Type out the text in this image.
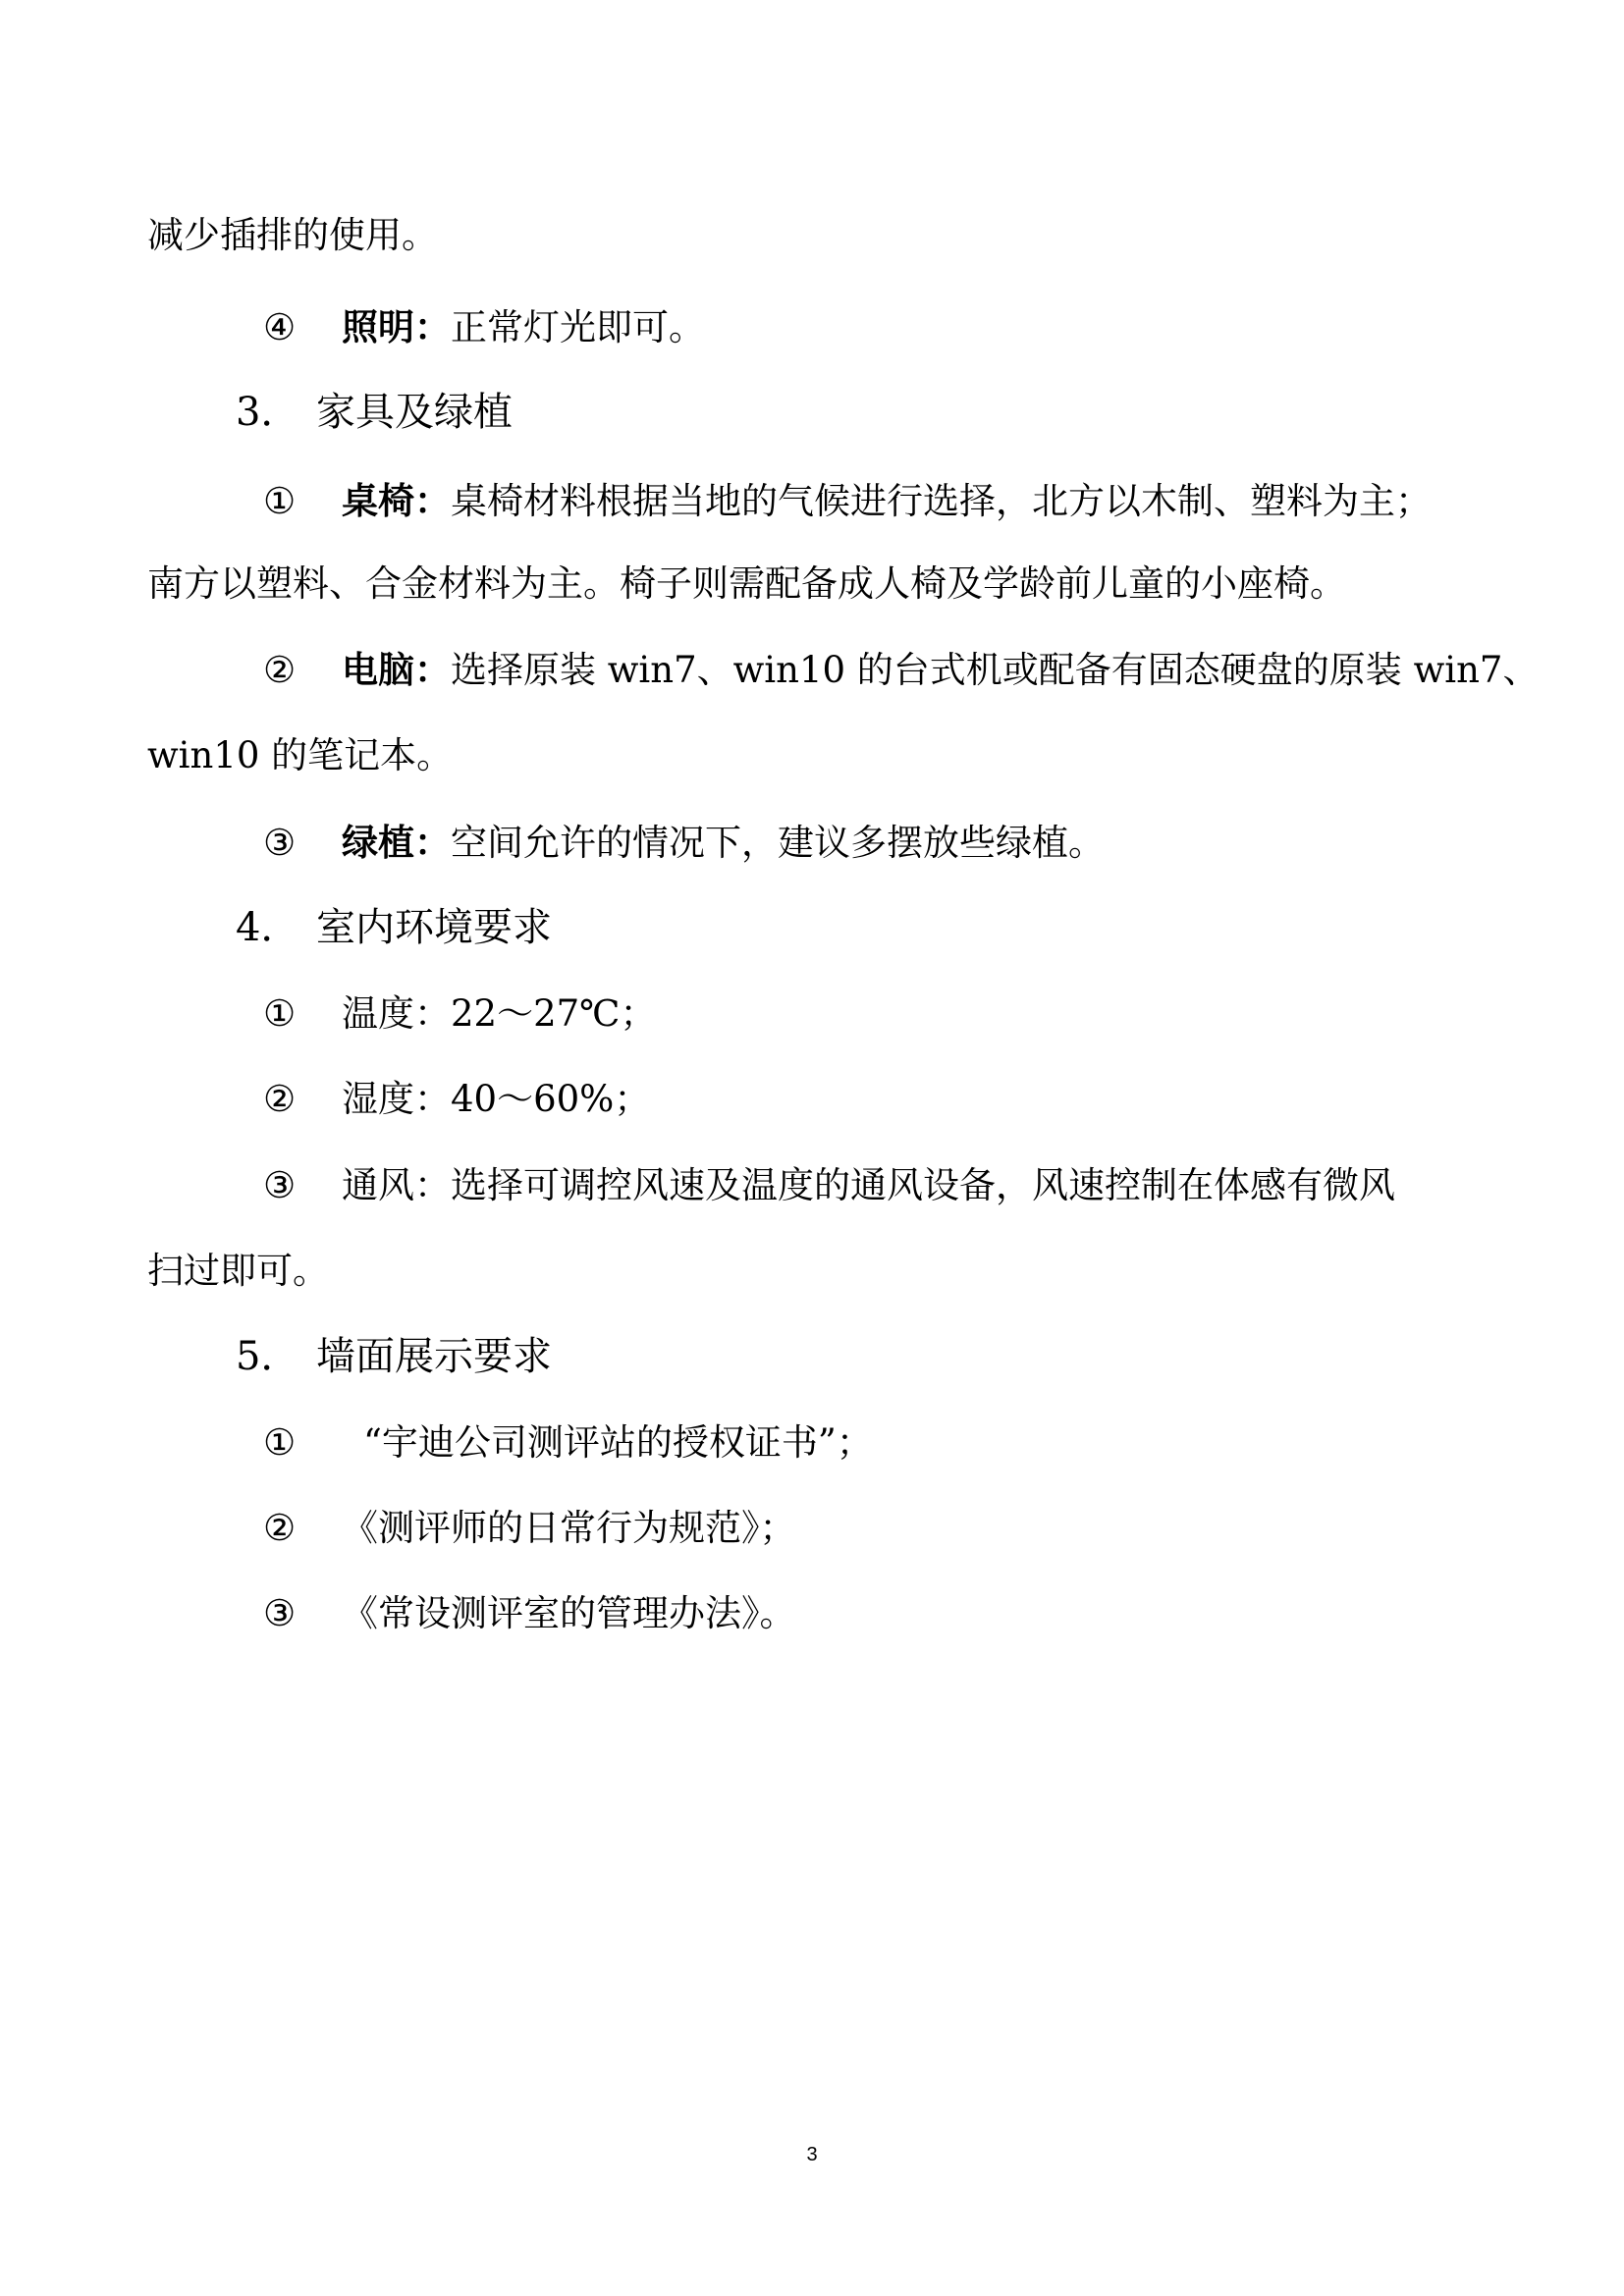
减少插排的使用。
④ 照明：正常灯光即可。
3． 家具及绿植
① 桌椅：桌椅材料根据当地的气候进行选择，北方以木制、塑料为主；
南方以塑料、合金材料为主。椅子则需配备成人椅及学龄前儿童的小座椅。
② 电脑：选择原装 win7、win10 的台式机或配备有固态硬盘的原装 win7、
win10 的笔记本。
③ 绿植：空间允许的情况下，建议多摆放些绿植。
4． 室内环境要求
① 温度：22～27℃；
② 湿度：40～60%；
③ 通风：选择可调控风速及温度的通风设备，风速控制在体感有微风
扫过即可。
5． 墙面展示要求
① “宇迪公司测评站的授权证书”；
② 《测评师的日常行为规范》；
③ 《常设测评室的管理办法》。
3
